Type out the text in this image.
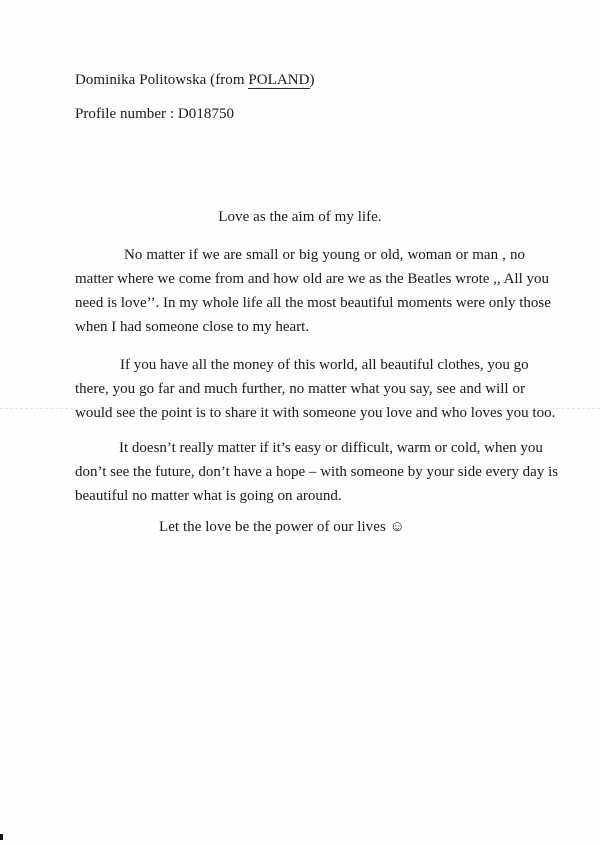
Dominika Politowska (from POLAND)
Profile number : D018750
Love as the aim of my life.
No matter if we are small or big young or old, woman or man , no
matter where we come from and how old are we as the Beatles wrote ,, All you
need is love’’. In my whole life all the most beautiful moments were only those
when I had someone close to my heart.
If you have all the money of this world, all beautiful clothes, you go
there, you go far and much further, no matter what you say, see and will or
would see the point is to share it with someone you love and who loves you too.
It doesn’t really matter if it’s easy or difficult, warm or cold, when you
don’t see the future, don’t have a hope – with someone by your side every day is
beautiful no matter what is going on around.
Let the love be the power of our lives ☺
